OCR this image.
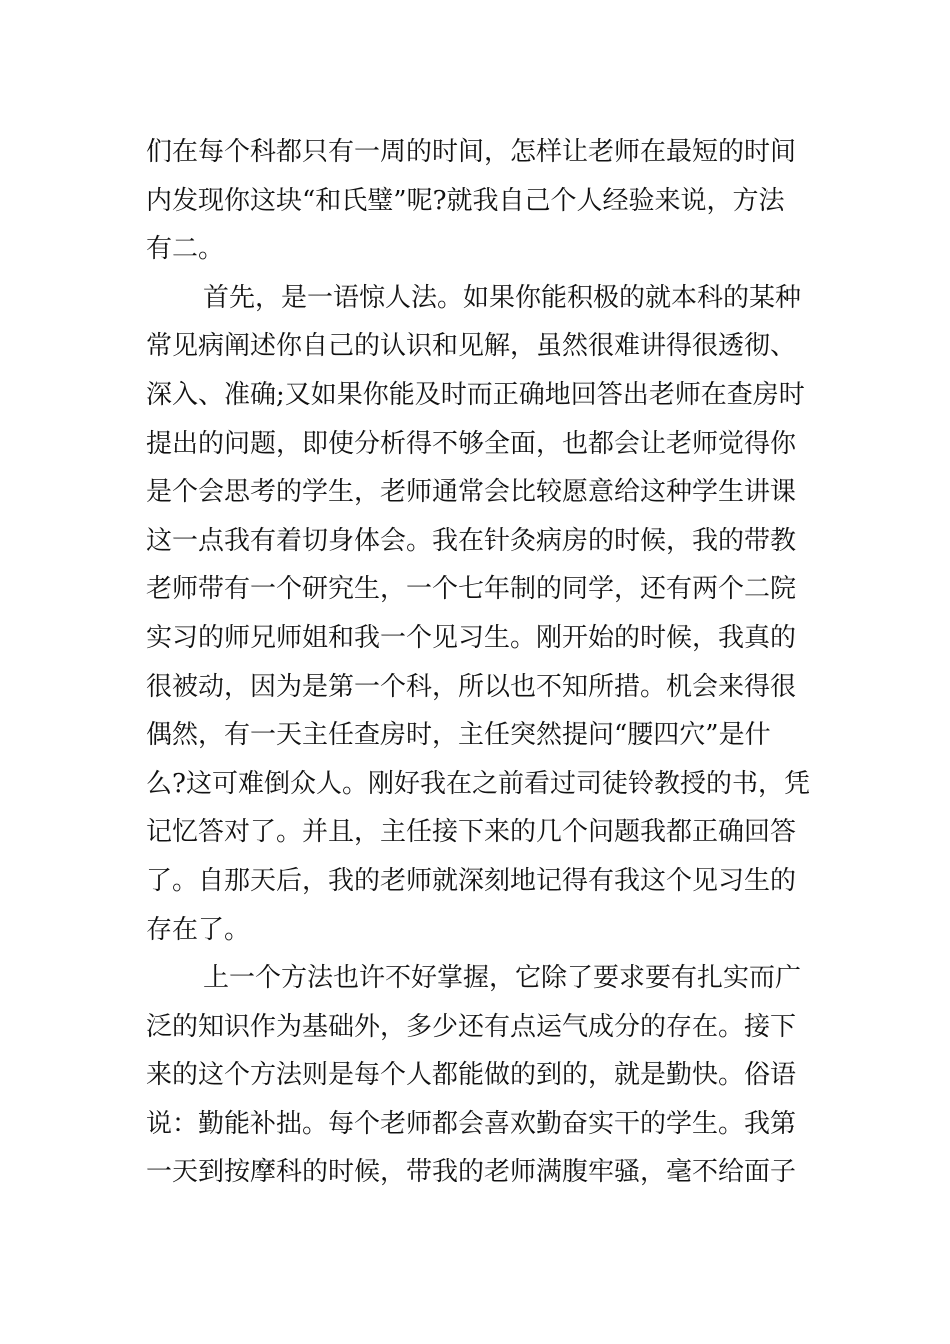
们在每个科都只有一周的时间，怎样让老师在最短的时间
内发现你这块“和氏璧”呢?就我自己个人经验来说，方法
有二。
首先，是一语惊人法。如果你能积极的就本科的某种
常见病阐述你自己的认识和见解，虽然很难讲得很透彻、
深入、准确;又如果你能及时而正确地回答出老师在查房时
提出的问题，即使分析得不够全面，也都会让老师觉得你
是个会思考的学生，老师通常会比较愿意给这种学生讲课
这一点我有着切身体会。我在针灸病房的时候，我的带教
老师带有一个研究生，一个七年制的同学，还有两个二院
实习的师兄师姐和我一个见习生。刚开始的时候，我真的
很被动，因为是第一个科，所以也不知所措。机会来得很
偶然，有一天主任查房时，主任突然提问“腰四穴”是什
么?这可难倒众人。刚好我在之前看过司徒铃教授的书，凭
记忆答对了。并且，主任接下来的几个问题我都正确回答
了。自那天后，我的老师就深刻地记得有我这个见习生的
存在了。
上一个方法也许不好掌握，它除了要求要有扎实而广
泛的知识作为基础外，多少还有点运气成分的存在。接下
来的这个方法则是每个人都能做的到的，就是勤快。俗语
说：勤能补拙。每个老师都会喜欢勤奋实干的学生。我第
一天到按摩科的时候，带我的老师满腹牢骚，毫不给面子
